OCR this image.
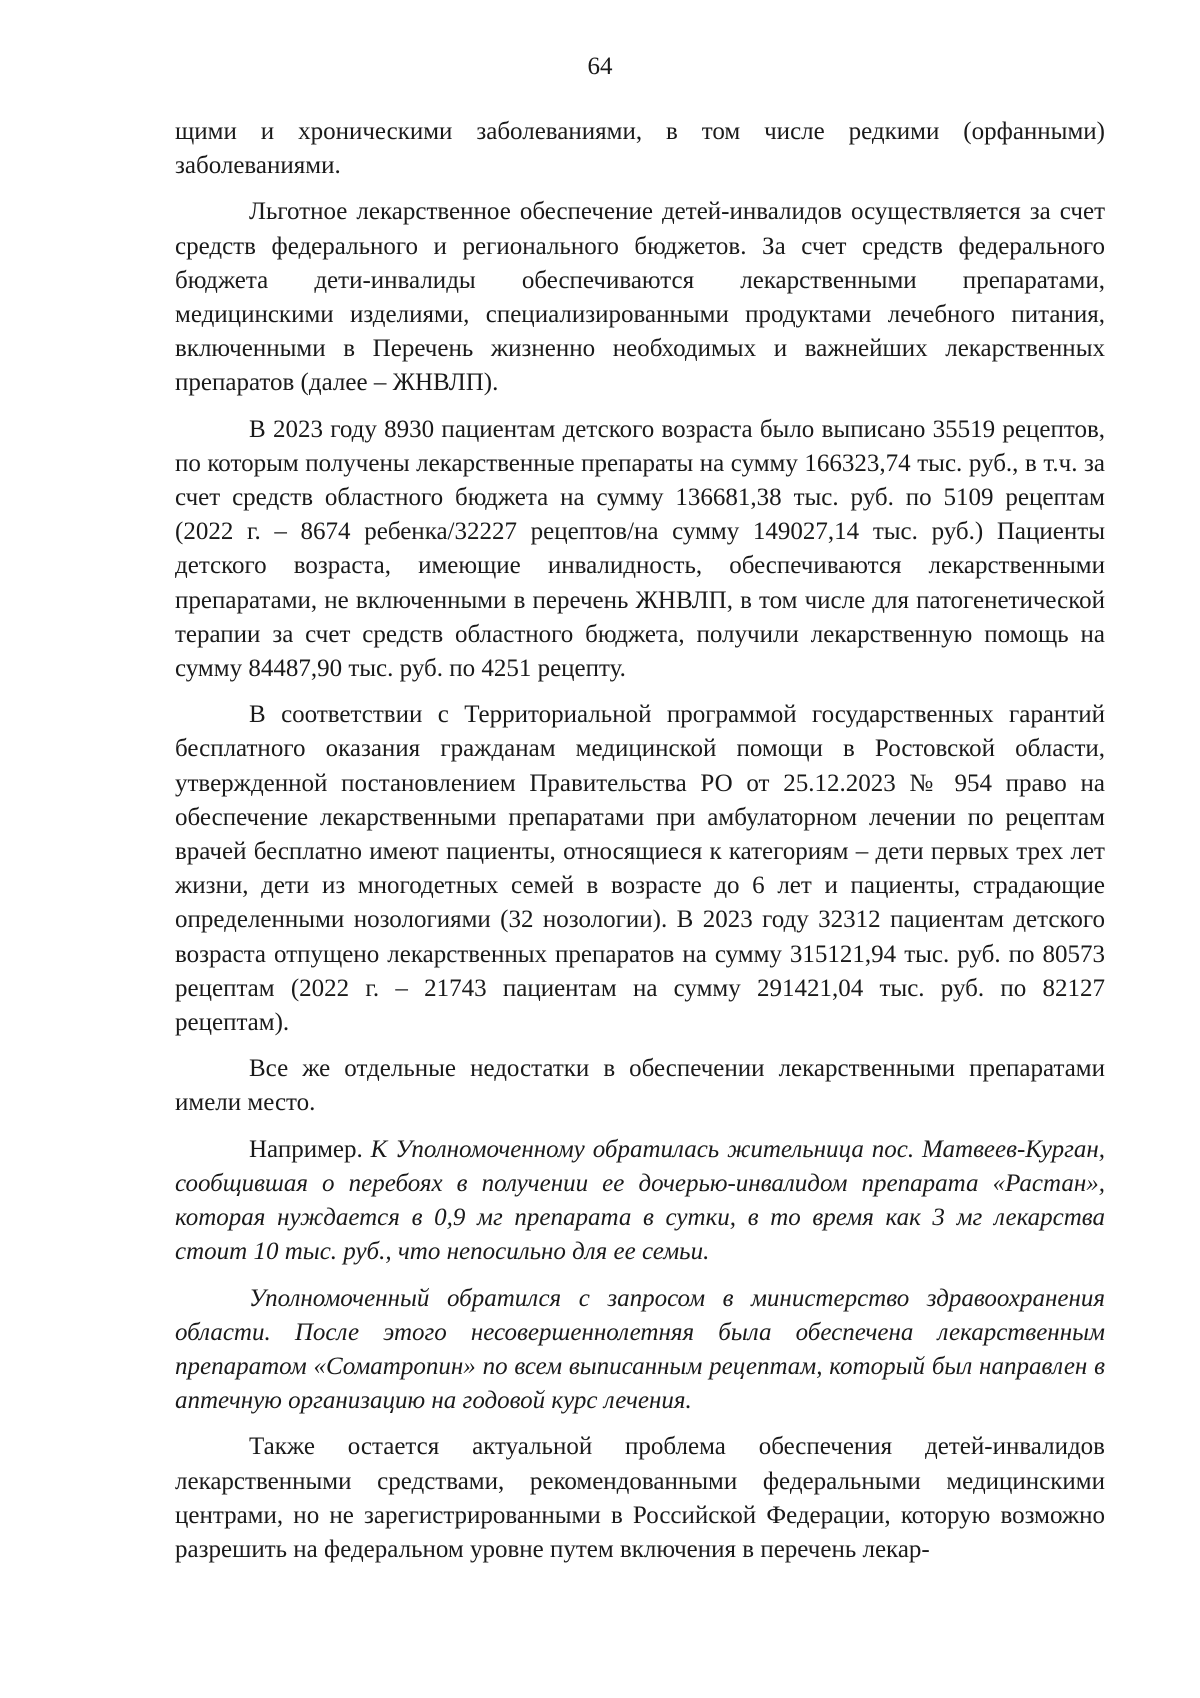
64

щими и хроническими заболеваниями, в том числе редкими (орфанными) заболеваниями.

Льготное лекарственное обеспечение детей-инвалидов осуществляется за счет средств федерального и регионального бюджетов. За счет средств федерального бюджета дети-инвалиды обеспечиваются лекарственными препаратами, медицинскими изделиями, специализированными продуктами лечебного питания, включенными в Перечень жизненно необходимых и важнейших лекарственных препаратов (далее – ЖНВЛП).

В 2023 году 8930 пациентам детского возраста было выписано 35519 рецептов, по которым получены лекарственные препараты на сумму 166323,74 тыс. руб., в т.ч. за счет средств областного бюджета на сумму 136681,38 тыс. руб. по 5109 рецептам (2022 г. – 8674 ребенка/32227 рецептов/на сумму 149027,14 тыс. руб.) Пациенты детского возраста, имеющие инвалидность, обеспечиваются лекарственными препаратами, не включенными в перечень ЖНВЛП, в том числе для патогенетической терапии за счет средств областного бюджета, получили лекарственную помощь на сумму 84487,90 тыс. руб. по 4251 рецепту.

В соответствии с Территориальной программой государственных гарантий бесплатного оказания гражданам медицинской помощи в Ростовской области, утвержденной постановлением Правительства РО от 25.12.2023 № 954 право на обеспечение лекарственными препаратами при амбулаторном лечении по рецептам врачей бесплатно имеют пациенты, относящиеся к категориям – дети первых трех лет жизни, дети из многодетных семей в возрасте до 6 лет и пациенты, страдающие определенными нозологиями (32 нозологии). В 2023 году 32312 пациентам детского возраста отпущено лекарственных препаратов на сумму 315121,94 тыс. руб. по 80573 рецептам (2022 г. – 21743 пациентам на сумму 291421,04 тыс. руб. по 82127 рецептам).

Все же отдельные недостатки в обеспечении лекарственными препаратами имели место.

Например. К Уполномоченному обратилась жительница пос. Матвеев-Курган, сообщившая о перебоях в получении ее дочерью-инвалидом препарата «Растан», которая нуждается в 0,9 мг препарата в сутки, в то время как 3 мг лекарства стоит 10 тыс. руб., что непосильно для ее семьи.

Уполномоченный обратился с запросом в министерство здравоохранения области. После этого несовершеннолетняя была обеспечена лекарственным препаратом «Соматропин» по всем выписанным рецептам, который был направлен в аптечную организацию на годовой курс лечения.

Также остается актуальной проблема обеспечения детей-инвалидов лекарственными средствами, рекомендованными федеральными медицинскими центрами, но не зарегистрированными в Российской Федерации, которую возможно разрешить на федеральном уровне путем включения в перечень лекар-
